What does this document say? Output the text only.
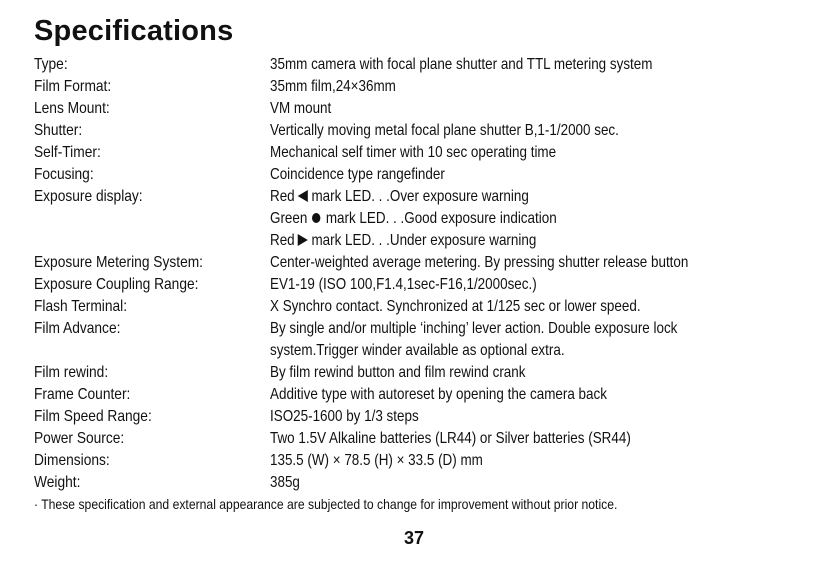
Specifications
Type:	35mm camera with focal plane shutter and TTL metering system
Film Format:	35mm film,24×36mm
Lens Mount:	VM mount
Shutter:	Vertically moving metal focal plane shutter B,1-1/2000 sec.
Self-Timer:	Mechanical self timer with 10 sec operating time
Focusing:	Coincidence type rangefinder
Exposure display:	Red mark LED. . .Over exposure warning
Green mark LED. . .Good exposure indication
Red mark LED. . .Under exposure warning
Exposure Metering System:	Center-weighted average metering. By pressing shutter release button
Exposure Coupling Range:	EV1-19 (ISO 100,F1.4,1sec-F16,1/2000sec.)
Flash Terminal:	X Synchro contact. Synchronized at 1/125 sec or lower speed.
Film Advance:	By single and/or multiple ‘inching’ lever action. Double exposure lock
system.Trigger winder available as optional extra.
Film rewind:	By film rewind button and film rewind crank
Frame Counter:	Additive type with autoreset by opening the camera back
Film Speed Range:	ISO25-1600 by 1/3 steps
Power Source:	Two 1.5V Alkaline batteries (LR44) or Silver batteries (SR44)
Dimensions:	135.5 (W) × 78.5 (H) × 33.5 (D) mm
Weight:	385g
· These specification and external appearance are subjected to change for improvement without prior notice.
37
